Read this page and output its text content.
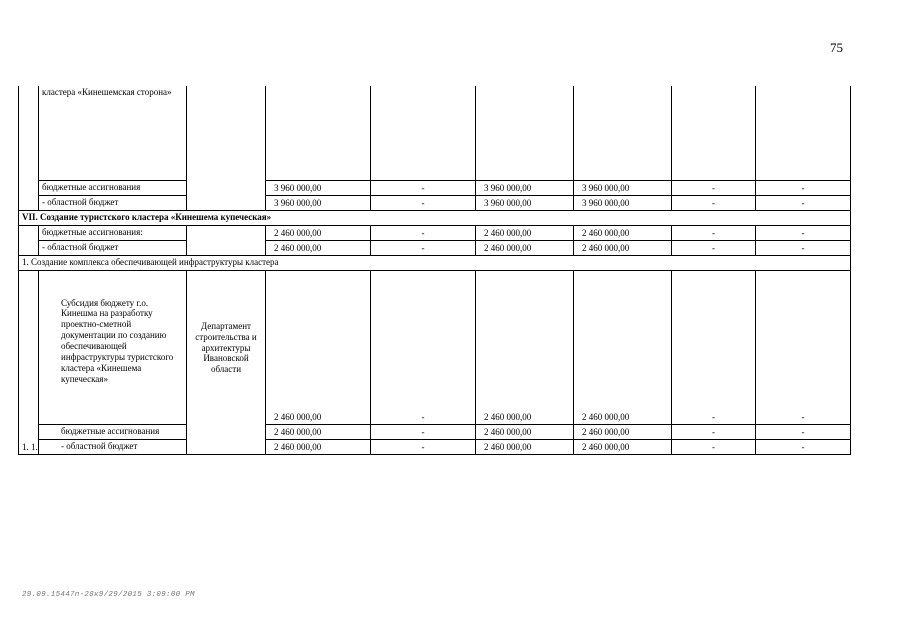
75
	кластера «Кинешемская сторона»							
	бюджетные ассигнования		3 960 000,00	-	3 960 000,00	3 960 000,00	-	-
	- областной бюджет		3 960 000,00	-	3 960 000,00	3 960 000,00	-	-
VII. Создание туристского кластера «Кинешема купеческая»								
	бюджетные ассигнования:		2 460 000,00	-	2 460 000,00	2 460 000,00	-	-
	- областной бюджет		2 460 000,00	-	2 460 000,00	2 460 000,00	-	-
1. Создание комплекса обеспечивающей инфраструктуры кластера								
1. 1.	Субсидия бюджету г.о. Кинешма на разработку проектно-сметной документации по созданию обеспечивающей инфраструктуры туристского кластера «Кинешема купеческая»	Департамент строительства и архитектуры Ивановской области	2 460 000,00	-	2 460 000,00	2 460 000,00	-	-
	бюджетные ассигнования		2 460 000,00	-	2 460 000,00	2 460 000,00	-	-
	- областной бюджет		2 460 000,00	-	2 460 000,00	2 460 000,00	-	-
29.09.15447п-28к9/29/2015 3:09:00 PM
